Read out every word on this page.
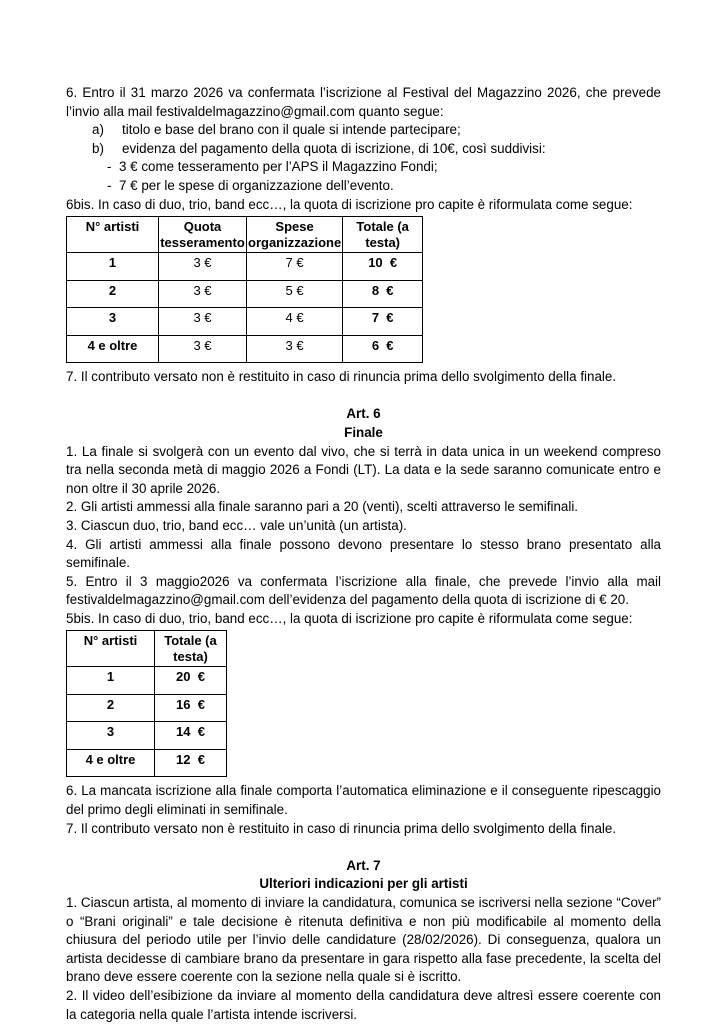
6. Entro il 31 marzo 2026 va confermata l’iscrizione al Festival del Magazzino 2026, che prevede l’invio alla mail festivaldelmagazzino@gmail.com quanto segue:

a)	titolo e base del brano con il quale si intende partecipare;
b)	evidenza del pagamento della quota di iscrizione, di 10€, così suddivisi:
- 3 € come tesseramento per l’APS il Magazzino Fondi;
- 7 € per le spese di organizzazione dell’evento.

6bis. In caso di duo, trio, band ecc…, la quota di iscrizione pro capite è riformulata come segue:

N° artisti	Quota tesseramento	Spese organizzazione	Totale (a testa)
1	3 €	7 €	10  €
2	3 €	5 €	8  €
3	3 €	4 €	7  €
4 e oltre	3 €	3 €	6  €

7. Il contributo versato non è restituito in caso di rinuncia prima dello svolgimento della finale.

Art. 6

Finale

1. La finale si svolgerà con un evento dal vivo, che si terrà in data unica in un weekend compreso tra nella seconda metà di maggio 2026 a Fondi (LT). La data e la sede saranno comunicate entro e non oltre il 30 aprile 2026.

2. Gli artisti ammessi alla finale saranno pari a 20 (venti), scelti attraverso le semifinali.

3. Ciascun duo, trio, band ecc… vale un’unità (un artista).

4. Gli artisti ammessi alla finale possono devono presentare lo stesso brano presentato alla semifinale.

5. Entro il 3 maggio2026 va confermata l’iscrizione alla finale, che prevede l’invio alla mail festivaldelmagazzino@gmail.com dell’evidenza del pagamento della quota di iscrizione di € 20.

5bis. In caso di duo, trio, band ecc…, la quota di iscrizione pro capite è riformulata come segue:

N° artisti	Totale (a testa)
1	20  €
2	16  €
3	14  €
4 e oltre	12  €

6. La mancata iscrizione alla finale comporta l’automatica eliminazione e il conseguente ripescaggio del primo degli eliminati in semifinale.

7. Il contributo versato non è restituito in caso di rinuncia prima dello svolgimento della finale.

Art. 7

Ulteriori indicazioni per gli artisti

1. Ciascun artista, al momento di inviare la candidatura, comunica se iscriversi nella sezione “Cover” o “Brani originali” e tale decisione è ritenuta definitiva e non più modificabile al momento della chiusura del periodo utile per l’invio delle candidature (28/02/2026). Di conseguenza, qualora un artista decidesse di cambiare brano da presentare in gara rispetto alla fase precedente, la scelta del brano deve essere coerente con la sezione nella quale si è iscritto.

2. Il video dell’esibizione da inviare al momento della candidatura deve altresì essere coerente con la categoria nella quale l’artista intende iscriversi.
